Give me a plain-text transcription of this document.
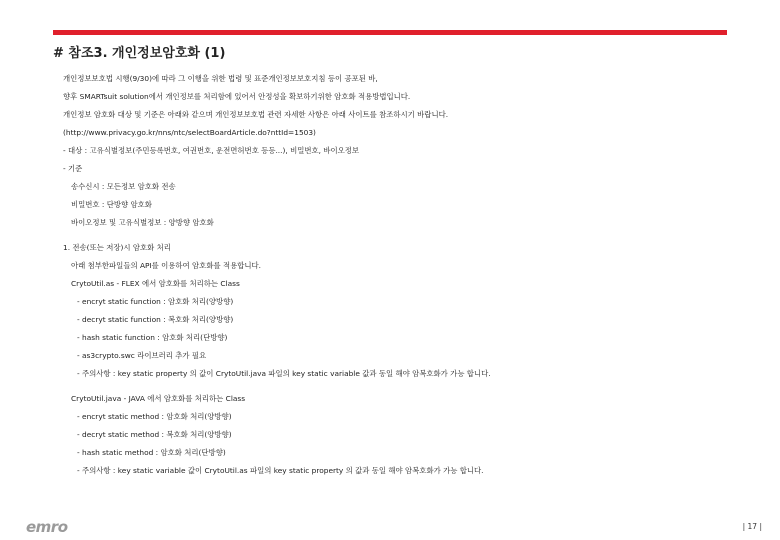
# 참조3. 개인정보암호화 (1)
개인정보보호법 시행(9/30)에 따라 그 이행을 위한 법령 및 표준개인정보보호지침 등이 공포된 바,
향후 SMARTsuit solution에서 개인정보를 처리함에 있어서 안정성을 확보하기위한 암호화 적용방법입니다.
개인정보 암호화 대상 및 기준은 아래와 같으며 개인정보보호법 관련 자세한 사항은 아래 사이트를 참조하시기 바랍니다.
(http://www.privacy.go.kr/nns/ntc/selectBoardArticle.do?nttId=1503)
- 대상 : 고유식별정보(주민등록번호, 여권번호, 운전면허번호 등등...), 비밀번호, 바이오정보
- 기준
송수신시 : 모든정보 암호화 전송
비밀번호 : 단방향 암호화
바이오정보 및 고유식별정보 : 양방향 암호화
1. 전송(또는 저장)시 암호화 처리
아래 첨부한파일들의 API를 이용하여 암호화를 적용합니다.
CrytoUtil.as - FLEX 에서 암호화를 처리하는 Class
- encryt static function : 암호화 처리(양방향)
- decryt static function : 복호화 처리(양방향)
- hash static function : 암호화 처리(단방향)
- as3crypto.swc 라이브러리 추가 필요
- 주의사항 : key static property 의 값이 CrytoUtil.java 파일의 key static variable 값과 동일 해야 암복호화가 가능 합니다.
CrytoUtil.java - JAVA 에서 암호화를 처리하는 Class
- encryt static method : 암호화 처리(양방향)
- decryt static method : 복호화 처리(양방향)
- hash static method : 암호화 처리(단방향)
- 주의사항 : key static variable 값이 CrytoUtil.as 파일의 key static property 의 값과 동일 해야 암복호화가 가능 합니다.
emro	| 17 |
